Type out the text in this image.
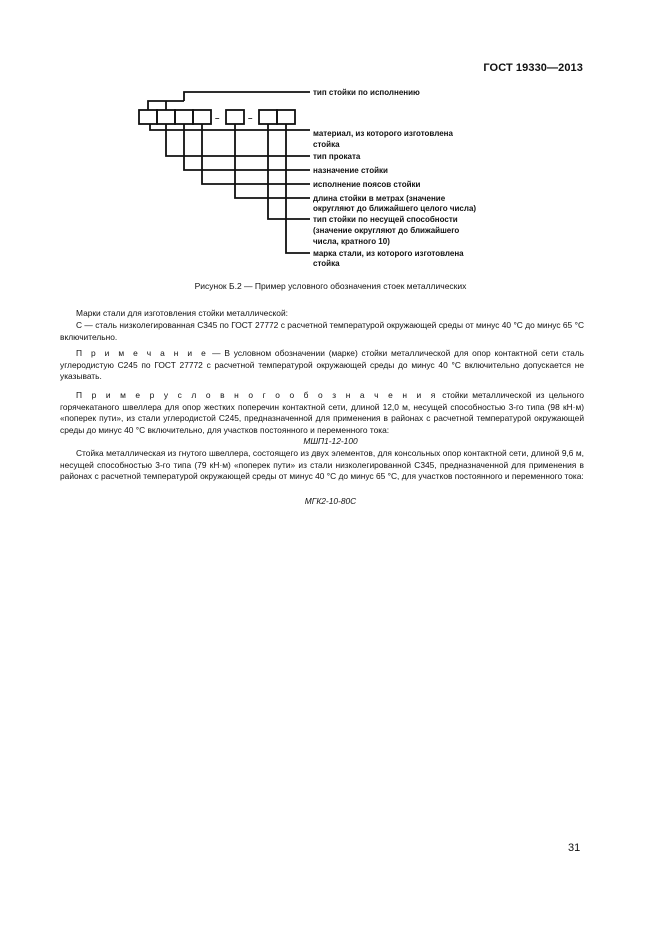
ГОСТ 19330—2013
–	–
тип стойки по исполнению
материал, из которого изготовлена
стойка
тип проката
назначение стойки
исполнение поясов стойки
длина стойки в метрах (значение
округляют до ближайшего целого числа)
тип стойки по несущей способности
(значение округляют до ближайшего
числа, кратного 10)
марка стали, из которого изготовлена
стойка
Рисунок Б.2 — Пример условного обозначения стоек металлических

Марки стали для изготовления стойки металлической:

С — сталь низколегированная С345 по ГОСТ 27772 с расчетной температурой окружающей среды от минус 40 °С до минус 65 °С включительно.

П р и м е ч а н и е — В условном обозначении (марке) стойки металлической для опор контактной сети сталь углеродистую С245 по ГОСТ 27772 с расчетной температурой окружающей среды до минус 40 °С включительно допускается не указывать.

П р и м е р у с л о в н о г о о б о з н а ч е н и я стойки металлической из цельного горячекатаного швеллера для опор жестких поперечин контактной сети, длиной 12,0 м, несущей способностью 3-го типа (98 кН·м) «поперек пути», из стали углеродистой С245, предназначенной для применения в районах с расчетной температурой окружающей среды до минус 40 °С включительно, для участков постоянного и переменного тока:

МШП1-12-100

Стойка металлическая из гнутого швеллера, состоящего из двух элементов, для консольных опор контактной сети, длиной 9,6 м, несущей способностью 3-го типа (79 кН·м) «поперек пути» из стали низколегированной С345, предназначенной для применения в районах с расчетной температурой окружающей среды от минус 40 °С до минус 65 °С, для участков постоянного и переменного тока:

МГК2-10-80С
31
